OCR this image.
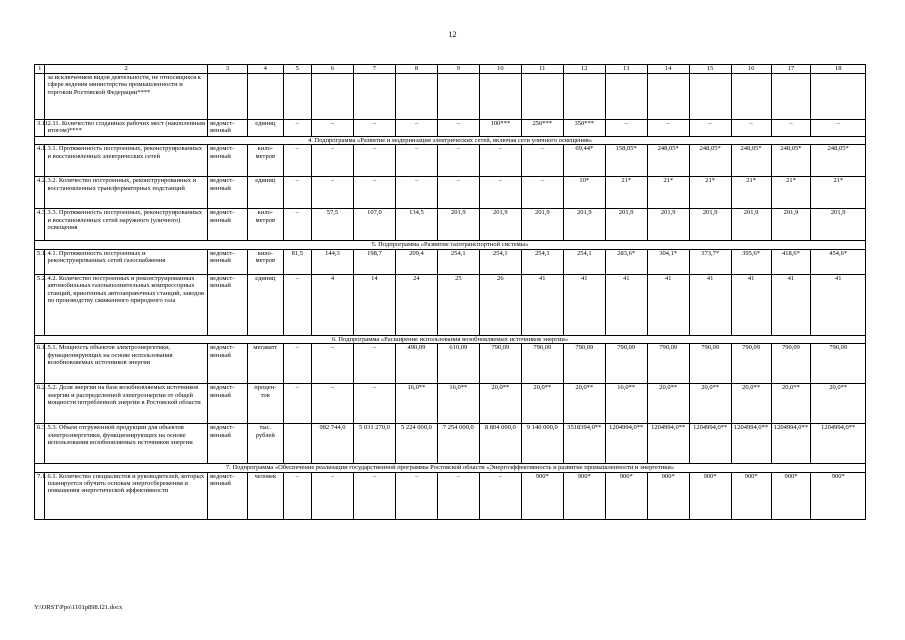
12
1	2	3	4	5	6	7	8	9	10	11	12	13	14	15	16	17	18
	за исключением видов деятельности, не относящихся к сфере ведения министерства промышленности и торговли Ростовской Федерации****																
3.11	2.11. Количество созданных рабочих мест (накопленным итогом)****	ведомст-венный	единиц	–	–	–	–	–	100***	250***	350***	–	–	–	–	–	–
4. Подпрограмма «Развитие и модернизация электрических сетей, включая сети уличного освещения»																	
4.1.	3.1. Протяженность построенных, реконструированных и восстановленных электрических сетей	ведомст-венный	кило-метров	–	–	–	–	–	–	–	69,44*	158,05*	248,05*	248,05*	248,05*	248,05*	248,05*
4.2.	3.2. Количество построенных, реконструированных и восстановленных трансформаторных подстанций	ведомст-венный	единиц	–	–	–	–	–	–	–	10*	21*	21*	21*	21*	21*	21*
4.3.	3.3. Протяженность построенных, реконструированных и восстановленных сетей наружного (уличного) освещения	ведомст-венный	кило-метров	–	57,5	107,0	134,5	201,9	201,9	201,9	201,9	201,9	201,9	201,9	201,9	201,9	201,9
5. Подпрограмма «Развитие газотранспортной системы»																	
5.1.	4.1. Протяженность построенных и реконструированных сетей газоснабжения	ведомст-венный	кило-метров	81,5	144,3	198,7	209,4	254,1	254,1	254,1	254,1	283,6*	304,1*	373,7*	395,6*	418,6*	454,6*
5.2.	4.2. Количество построенных и реконструированных автомобильных газонаполнительных компрессорных станций, криогенных автозаправочных станций, заводов по производству сжиженного природного газа	ведомст-венный	единиц	–	4	14	24	25	26	41	41	41	41	41	41	41	41
6. Подпрограмма «Расширение использования возобновляемых источников энергии»																	
6.1.	5.1. Мощность объектов электроэнергетики, функционирующих на основе использования возобновляемых источников энергии	ведомст-венный	мегаватт	–	–	–	490,09	610,09	790,09	790,09	790,09	790,09	790,09	790,09	790,09	790,09	790,09
6.2.	5.2. Доля энергии на базе возобновляемых источников энергии и распределенной электроэнергии от общей мощности потребленной энергии в Ростовской области	ведомст-венный	процен-тов	–	–	–	16,0**	16,0**	20,0**	20,0**	20,0**	16,0**	20,0**	20,0**	20,0**	20,0**	20,0**
6.3.	5.3. Объем отгруженной продукции для объектов электроэнергетики, функционирующих на основе использования возобновляемых источников энергии	ведомст-венный	тыс. рублей		982 744,0	5 031 270,0	5 224 000,0	7 254 000,0	8 804 000,0	9 140 000,0	3518394,0**	1204994,0**	1204994,0**	1204994,0**	1204994,0**	1204994,0**	1204994,0**
7. Подпрограмма «Обеспечение реализации государственной программы Ростовской области «Энергоэффективность и развитие промышленности и энергетики»																	
7.1.	6.1. Количество специалистов и руководителей, которых планируется обучить основам энергосбережения и повышения энергетической эффективности	ведомст-венный	человек	–	–	–	–	–	–	900*	900*	900*	900*	900*	900*	900*	900*
Y:\ORST\Ppo\1101p898.f21.docx
